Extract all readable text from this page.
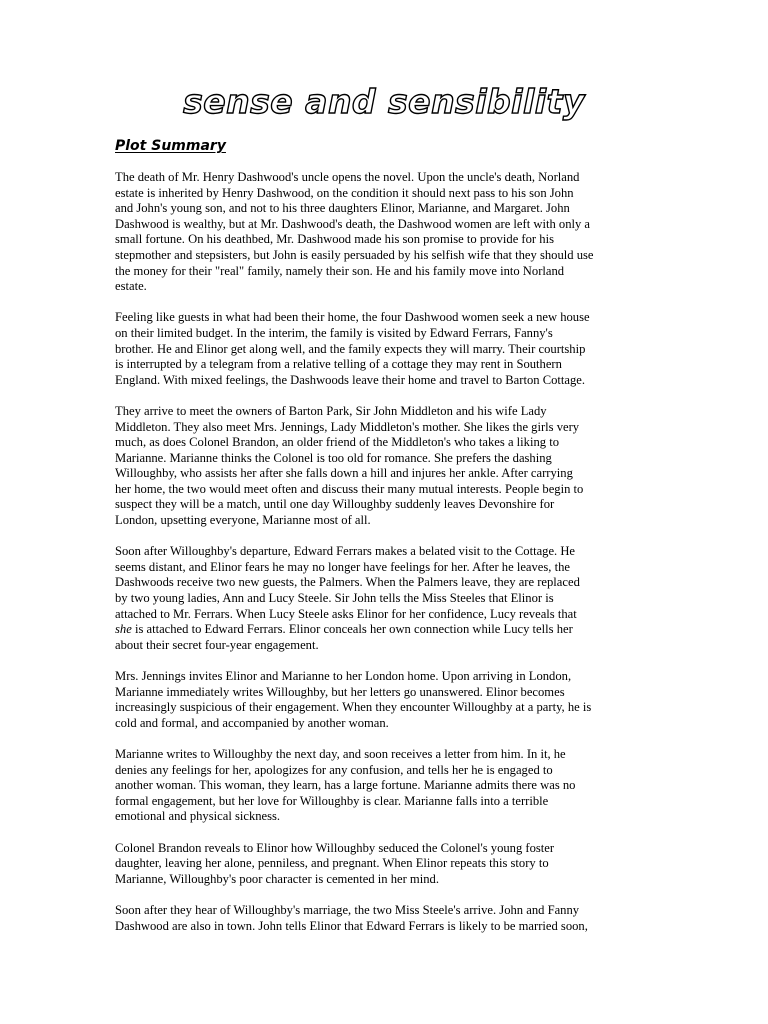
sense and sensibility
Plot Summary

The death of Mr. Henry Dashwood's uncle opens the novel. Upon the uncle's death, Norland
estate is inherited by Henry Dashwood, on the condition it should next pass to his son John
and John's young son, and not to his three daughters Elinor, Marianne, and Margaret. John
Dashwood is wealthy, but at Mr. Dashwood's death, the Dashwood women are left with only a
small fortune. On his deathbed, Mr. Dashwood made his son promise to provide for his
stepmother and stepsisters, but John is easily persuaded by his selfish wife that they should use
the money for their "real" family, namely their son. He and his family move into Norland
estate.

Feeling like guests in what had been their home, the four Dashwood women seek a new house
on their limited budget. In the interim, the family is visited by Edward Ferrars, Fanny's
brother. He and Elinor get along well, and the family expects they will marry. Their courtship
is interrupted by a telegram from a relative telling of a cottage they may rent in Southern
England. With mixed feelings, the Dashwoods leave their home and travel to Barton Cottage.

They arrive to meet the owners of Barton Park, Sir John Middleton and his wife Lady
Middleton. They also meet Mrs. Jennings, Lady Middleton's mother. She likes the girls very
much, as does Colonel Brandon, an older friend of the Middleton's who takes a liking to
Marianne. Marianne thinks the Colonel is too old for romance. She prefers the dashing
Willoughby, who assists her after she falls down a hill and injures her ankle. After carrying
her home, the two would meet often and discuss their many mutual interests. People begin to
suspect they will be a match, until one day Willoughby suddenly leaves Devonshire for
London, upsetting everyone, Marianne most of all.

Soon after Willoughby's departure, Edward Ferrars makes a belated visit to the Cottage. He
seems distant, and Elinor fears he may no longer have feelings for her. After he leaves, the
Dashwoods receive two new guests, the Palmers. When the Palmers leave, they are replaced
by two young ladies, Ann and Lucy Steele. Sir John tells the Miss Steeles that Elinor is
attached to Mr. Ferrars. When Lucy Steele asks Elinor for her confidence, Lucy reveals that
she is attached to Edward Ferrars. Elinor conceals her own connection while Lucy tells her
about their secret four-year engagement.

Mrs. Jennings invites Elinor and Marianne to her London home. Upon arriving in London,
Marianne immediately writes Willoughby, but her letters go unanswered. Elinor becomes
increasingly suspicious of their engagement. When they encounter Willoughby at a party, he is
cold and formal, and accompanied by another woman.

Marianne writes to Willoughby the next day, and soon receives a letter from him. In it, he
denies any feelings for her, apologizes for any confusion, and tells her he is engaged to
another woman. This woman, they learn, has a large fortune. Marianne admits there was no
formal engagement, but her love for Willoughby is clear. Marianne falls into a terrible
emotional and physical sickness.

Colonel Brandon reveals to Elinor how Willoughby seduced the Colonel's young foster
daughter, leaving her alone, penniless, and pregnant. When Elinor repeats this story to
Marianne, Willoughby's poor character is cemented in her mind.

Soon after they hear of Willoughby's marriage, the two Miss Steele's arrive. John and Fanny
Dashwood are also in town. John tells Elinor that Edward Ferrars is likely to be married soon,
